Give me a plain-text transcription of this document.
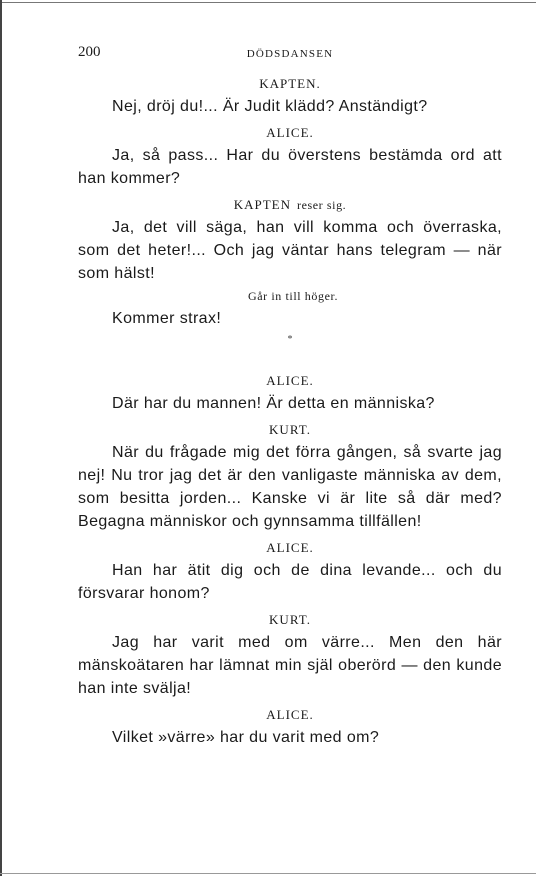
200	DÖDSDANSEN
KAPTEN.

Nej, dröj du!... Är Judit klädd? Anständigt?

ALICE.

Ja, så pass... Har du överstens bestämda ord att han kommer?

KAPTEN reser sig.

Ja, det vill säga, han vill komma och överraska, som det heter!... Och jag väntar hans telegram — när som hälst!

Går in till höger.

Kommer strax!

*
ALICE.

Där har du mannen! Är detta en människa?

KURT.

När du frågade mig det förra gången, så svarte jag nej! Nu tror jag det är den vanligaste människa av dem, som besitta jorden... Kanske vi är lite så där med? Begagna människor och gynnsamma tillfällen!

ALICE.

Han har ätit dig och de dina levande... och du försvarar honom?

KURT.

Jag har varit med om värre... Men den här mänskoätaren har lämnat min själ oberörd — den kunde han inte svälja!

ALICE.

Vilket »värre» har du varit med om?
